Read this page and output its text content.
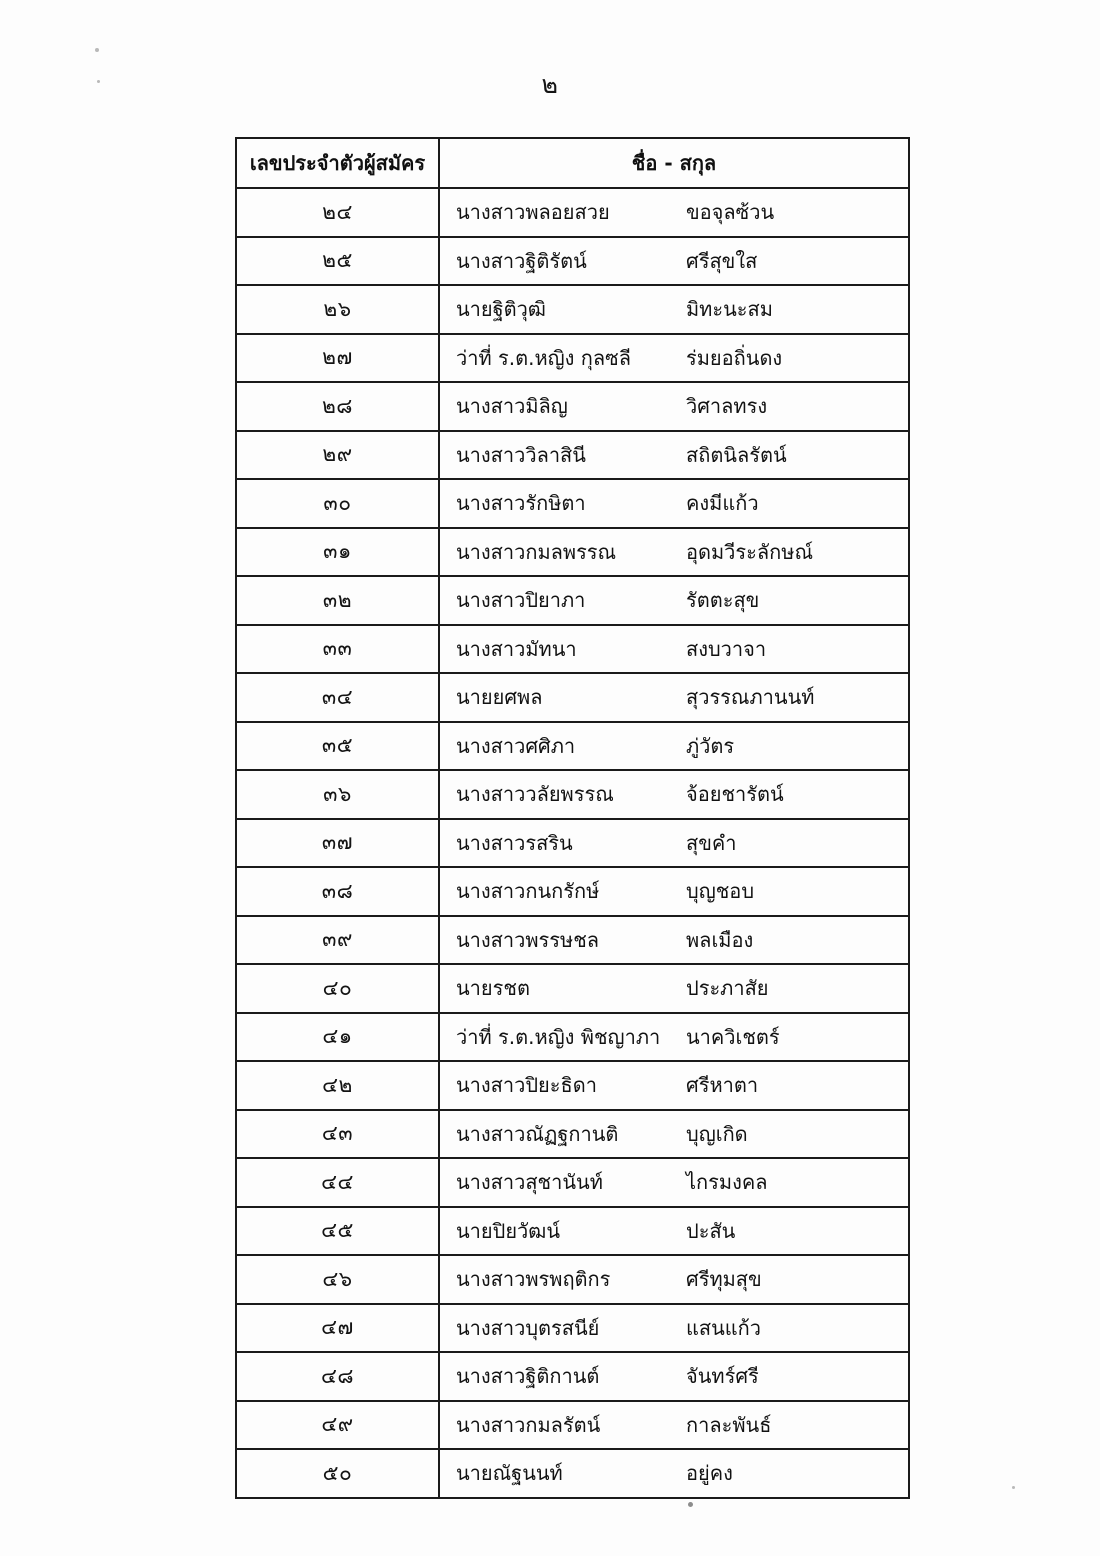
๒
เลขประจำตัวผู้สมัคร	ชื่อ - สกุล
๒๔	นางสาวพลอยสวย ขอจุลซ้วน

๒๕	นางสาวฐิติรัตน์ ศรีสุขใส

๒๖	นายฐิติวุฒิ มิทะนะสม

๒๗	ว่าที่ ร.ต.หญิง กุลซลี ร่มยอถิ่นดง

๒๘	นางสาวมิลิญ วิศาลทรง

๒๙	นางสาววิลาสินี สถิตนิลรัตน์

๓๐	นางสาวรักษิตา คงมีแก้ว

๓๑	นางสาวกมลพรรณ อุดมวีระลักษณ์

๓๒	นางสาวปิยาภา รัตตะสุข

๓๓	นางสาวมัทนา สงบวาจา

๓๔	นายยศพล สุวรรณภานนท์

๓๕	นางสาวศศิภา ภู่วัตร

๓๖	นางสาววลัยพรรณ จ้อยชารัตน์

๓๗	นางสาวรสริน สุขคำ

๓๘	นางสาวกนกรักษ์ บุญชอบ

๓๙	นางสาวพรรษชล พลเมือง

๔๐	นายรชต ประภาสัย

๔๑	ว่าที่ ร.ต.หญิง พิชญาภา นาควิเชตร์

๔๒	นางสาวปิยะธิดา ศรีหาตา

๔๓	นางสาวณัฏฐกานติ บุญเกิด

๔๔	นางสาวสุชานันท์ ไกรมงคล

๔๕	นายปิยวัฒน์ ปะสัน

๔๖	นางสาวพรพฤติกร ศรีทุมสุข

๔๗	นางสาวบุตรสนีย์ แสนแก้ว

๔๘	นางสาวฐิติกานต์ จันทร์ศรี

๔๙	นางสาวกมลรัตน์ กาละพันธ์

๕๐	นายณัฐนนท์ อยู่คง
